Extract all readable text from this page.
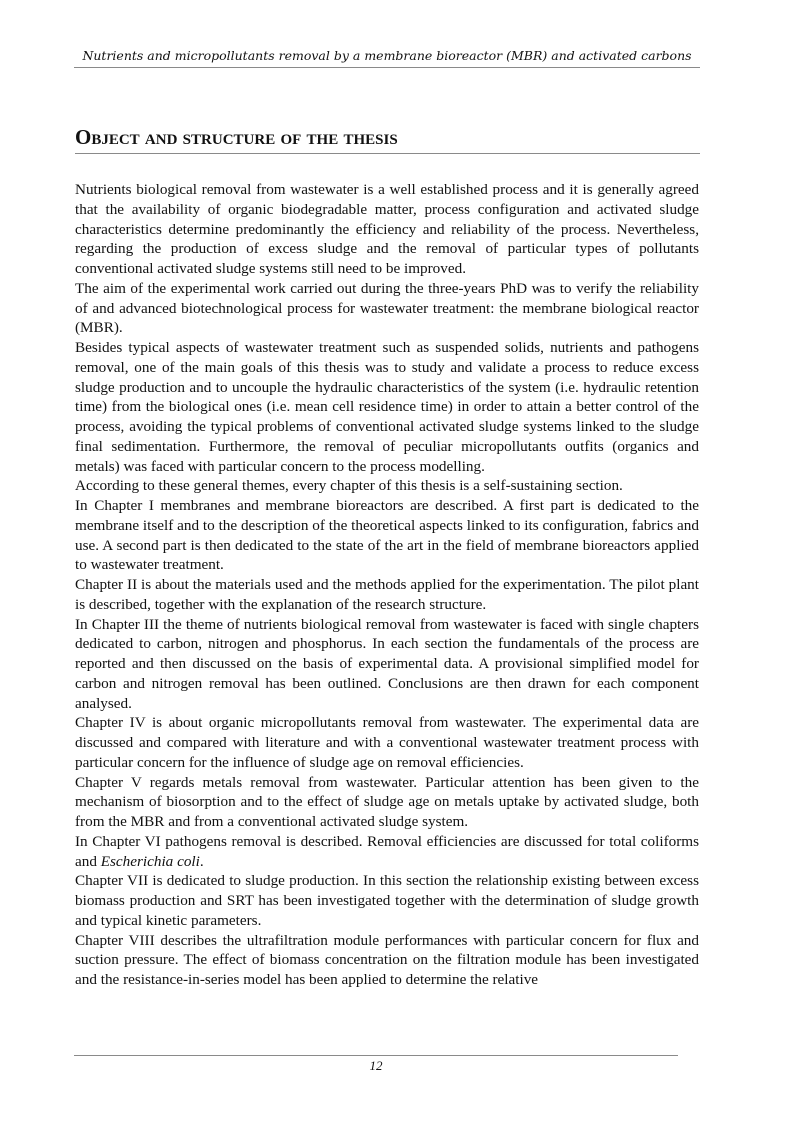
Nutrients and micropollutants removal by a membrane bioreactor (MBR) and activated carbons
Object and structure of the thesis

Nutrients biological removal from wastewater is a well established process and it is generally agreed that the availability of organic biodegradable matter, process configuration and activated sludge characteristics determine predominantly the efficiency and reliability of the process. Nevertheless, regarding the production of excess sludge and the removal of particular types of pollutants conventional activated sludge systems still need to be improved.

The aim of the experimental work carried out during the three-years PhD was to verify the reliability of and advanced biotechnological process for wastewater treatment: the membrane biological reactor (MBR).

Besides typical aspects of wastewater treatment such as suspended solids, nutrients and pathogens removal, one of the main goals of this thesis was to study and validate a process to reduce excess sludge production and to uncouple the hydraulic characteristics of the system (i.e. hydraulic retention time) from the biological ones (i.e. mean cell residence time) in order to attain a better control of the process, avoiding the typical problems of conventional activated sludge systems linked to the sludge final sedimentation. Furthermore, the removal of peculiar micropollutants outfits (organics and metals) was faced with particular concern to the process modelling.

According to these general themes, every chapter of this thesis is a self-sustaining section.

In Chapter I membranes and membrane bioreactors are described. A first part is dedicated to the membrane itself and to the description of the theoretical aspects linked to its configuration, fabrics and use. A second part is then dedicated to the state of the art in the field of membrane bioreactors applied to wastewater treatment.

Chapter II is about the materials used and the methods applied for the experimentation. The pilot plant is described, together with the explanation of the research structure.

In Chapter III the theme of nutrients biological removal from wastewater is faced with single chapters dedicated to carbon, nitrogen and phosphorus. In each section the fundamentals of the process are reported and then discussed on the basis of experimental data. A provisional simplified model for carbon and nitrogen removal has been outlined. Conclusions are then drawn for each component analysed.

Chapter IV is about organic micropollutants removal from wastewater. The experimental data are discussed and compared with literature and with a conventional wastewater treatment process with particular concern for the influence of sludge age on removal efficiencies.

Chapter V regards metals removal from wastewater. Particular attention has been given to the mechanism of biosorption and to the effect of sludge age on metals uptake by activated sludge, both from the MBR and from a conventional activated sludge system.

In Chapter VI pathogens removal is described. Removal efficiencies are discussed for total coliforms and Escherichia coli.

Chapter VII is dedicated to sludge production. In this section the relationship existing between excess biomass production and SRT has been investigated together with the determination of sludge growth and typical kinetic parameters.

Chapter VIII describes the ultrafiltration module performances with particular concern for flux and suction pressure. The effect of biomass concentration on the filtration module has been investigated and the resistance-in-series model has been applied to determine the relative

12
